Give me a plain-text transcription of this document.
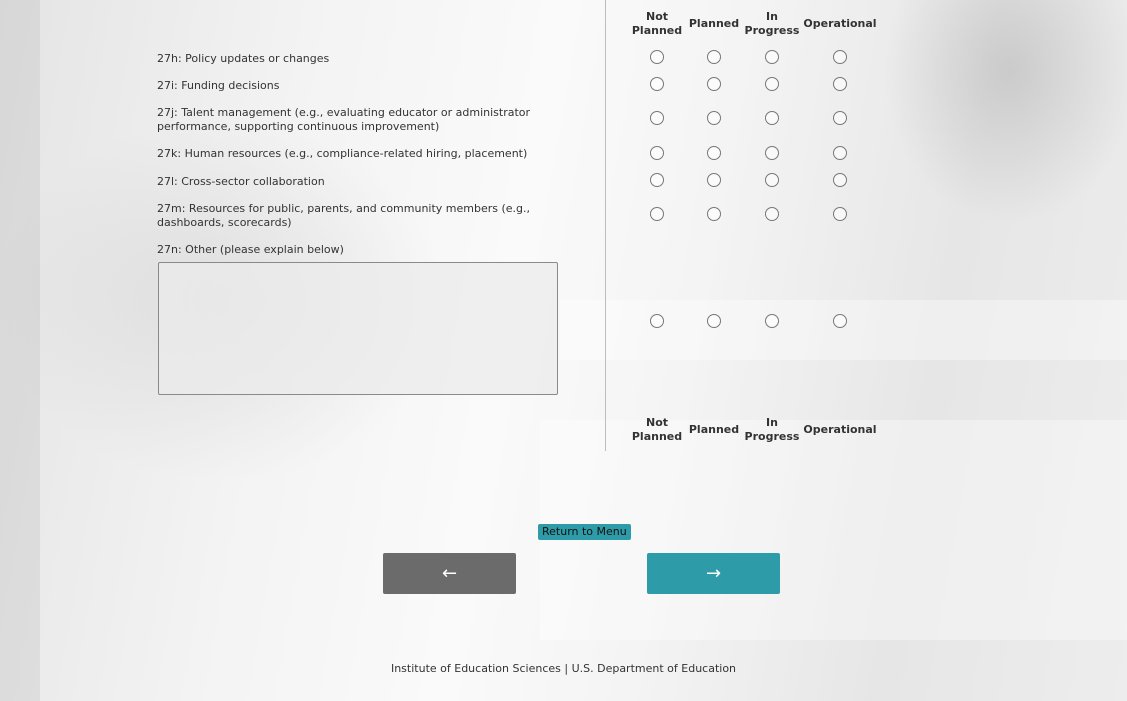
Not Planned
Planned
In Progress
Operational
27h: Policy updates or changes
27i: Funding decisions
27j: Talent management (e.g., evaluating educator or administrator performance, supporting continuous improvement)
27k: Human resources (e.g., compliance-related hiring, placement)
27l: Cross-sector collaboration
27m: Resources for public, parents, and community members (e.g., dashboards, scorecards)
27n: Other (please explain below)
Not Planned
Planned
In Progress
Operational
Return to Menu
←	→
Institute of Education Sciences | U.S. Department of Education
